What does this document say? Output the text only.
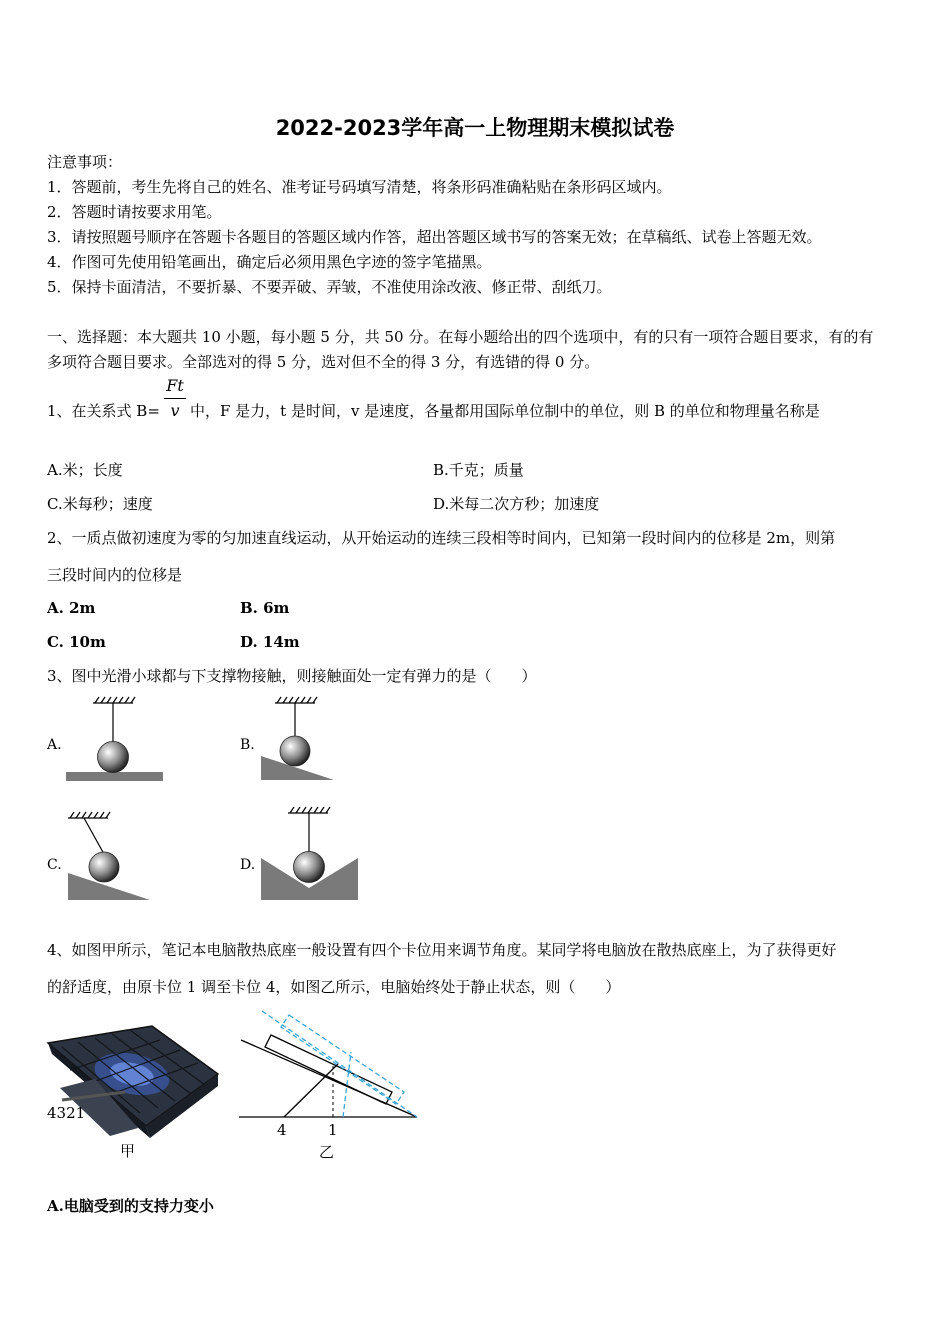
2022-2023学年高一上物理期末模拟试卷
注意事项：
1．答题前，考生先将自己的姓名、准考证号码填写清楚，将条形码准确粘贴在条形码区域内。
2．答题时请按要求用笔。
3．请按照题号顺序在答题卡各题目的答题区域内作答，超出答题区域书写的答案无效；在草稿纸、试卷上答题无效。
4．作图可先使用铅笔画出，确定后必须用黑色字迹的签字笔描黑。
5．保持卡面清洁，不要折暴、不要弄破、弄皱，不准使用涂改液、修正带、刮纸刀。
一、选择题：本大题共 10 小题，每小题 5 分，共 50 分。在每小题给出的四个选项中，有的只有一项符合题目要求，有的有
多项符合题目要求。全部选对的得 5 分，选对但不全的得 3 分，有选错的得 0 分。
1、在关系式 B=
Ft
v 中，F 是力，t 是时间，v 是速度，各量都用国际单位制中的单位，则 B 的单位和物理量名称是
A.米；长度	B.千克；质量
C.米每秒；速度	D.米每二次方秒；加速度
2、一质点做初速度为零的匀加速直线运动，从开始运动的连续三段相等时间内，已知第一段时间内的位移是 2m，则第
三段时间内的位移是
A. 2m	B. 6m
C. 10m	D. 14m
3、图中光滑小球都与下支撑物接触，则接触面处一定有弹力的是（　　）
A.	B.
C.	D.
4、如图甲所示，笔记本电脑散热底座一般设置有四个卡位用来调节角度。某同学将电脑放在散热底座上，为了获得更好
的舒适度，由原卡位 1 调至卡位 4，如图乙所示，电脑始终处于静止状态，则（　　）
4321
甲
4	1
乙
A.电脑受到的支持力变小
